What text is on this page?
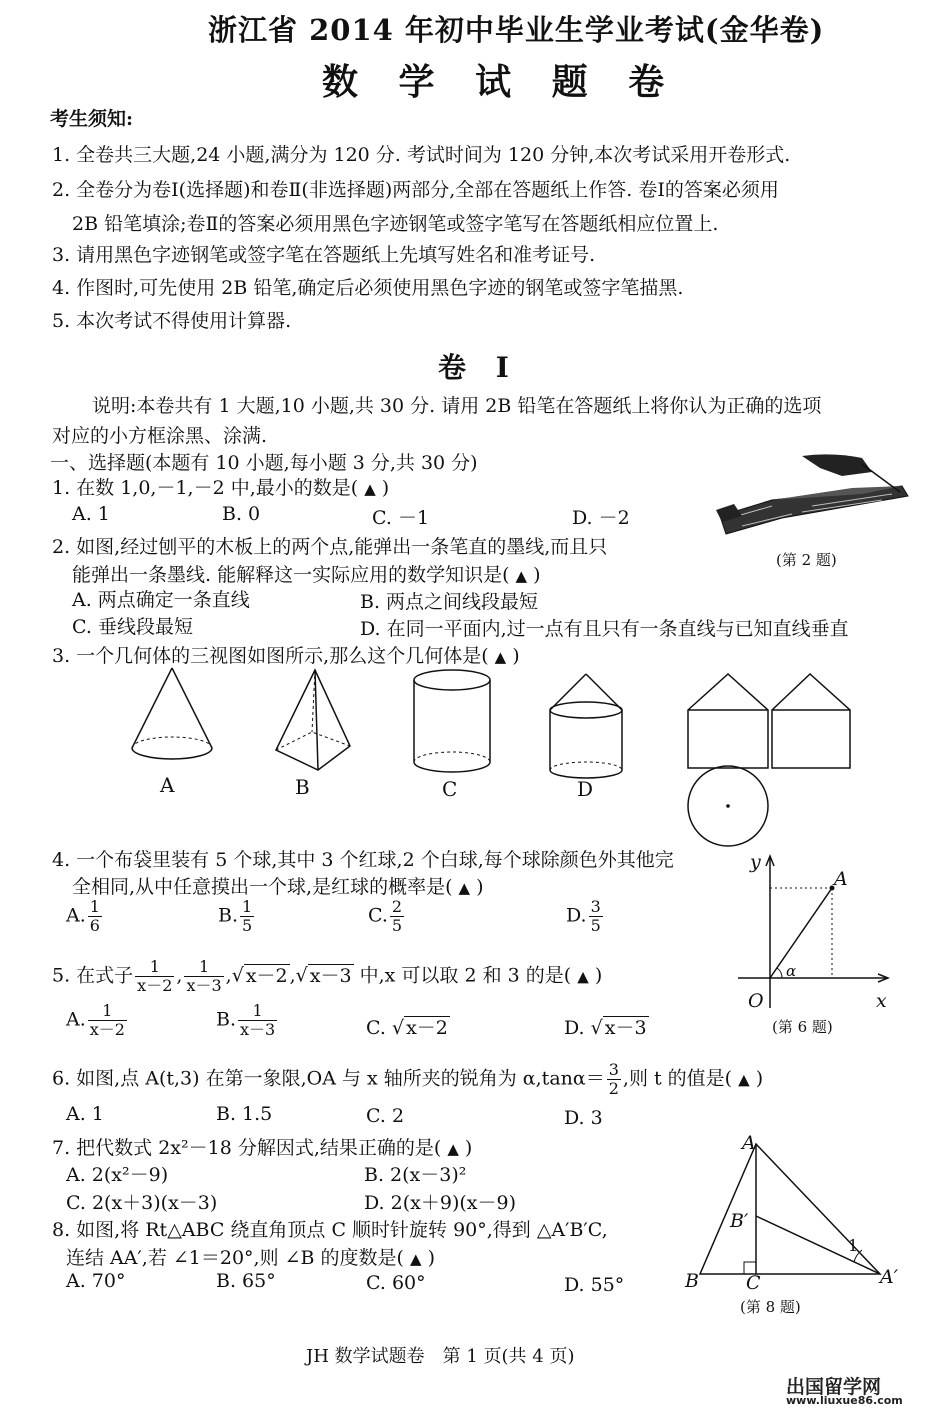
浙江省 2014 年初中毕业生学业考试(金华卷)
数 学 试 题 卷
考生须知:
1. 全卷共三大题,24 小题,满分为 120 分. 考试时间为 120 分钟,本次考试采用开卷形式.
2. 全卷分为卷Ⅰ(选择题)和卷Ⅱ(非选择题)两部分,全部在答题纸上作答. 卷Ⅰ的答案必须用
2B 铅笔填涂;卷Ⅱ的答案必须用黑色字迹钢笔或签字笔写在答题纸相应位置上.
3. 请用黑色字迹钢笔或签字笔在答题纸上先填写姓名和准考证号.
4. 作图时,可先使用 2B 铅笔,确定后必须使用黑色字迹的钢笔或签字笔描黑.
5. 本次考试不得使用计算器.
卷 Ⅰ
说明:本卷共有 1 大题,10 小题,共 30 分. 请用 2B 铅笔在答题纸上将你认为正确的选项
对应的小方框涂黑、涂满.
一、选择题(本题有 10 小题,每小题 3 分,共 30 分)
1. 在数 1,0,－1,－2 中,最小的数是( ▲ )
A. 1	B. 0	C. －1	D. －2
(第 2 题)
2. 如图,经过刨平的木板上的两个点,能弹出一条笔直的墨线,而且只
能弹出一条墨线. 能解释这一实际应用的数学知识是( ▲ )
A. 两点确定一条直线	B. 两点之间线段最短
C. 垂线段最短	D. 在同一平面内,过一点有且只有一条直线与已知直线垂直
3. 一个几何体的三视图如图所示,那么这个几何体是( ▲ )
A	B	C	D
4. 一个布袋里装有 5 个球,其中 3 个红球,2 个白球,每个球除颜色外其他完
全相同,从中任意摸出一个球,是红球的概率是( ▲ )
A. $\frac{1}{6}$	B. $\frac{1}{5}$	C. $\frac{2}{5}$	D. $\frac{3}{5}$
y
A
α
O	x
(第 6 题)
5. 在式子 $\frac{1}{x-2}$ , $\frac{1}{x-3}$ ,√ x－2 ,√ x－3 中,x 可以取 2 和 3 的是( ▲ )
A. $\frac{1}{x-2}$	B. $\frac{1}{x-3}$	C. √ x－2	D. √ x－3
6. 如图,点 A(t,3) 在第一象限,OA 与 x 轴所夹的锐角为 $\alpha,\tan\alpha= \frac{3}{2}$ ,则 t 的值是( ▲ )
A. 1	B. 1.5	C. 2	D. 3
A
B′
1
B C	A′
(第 8 题)
7. 把代数式 2x²－18 分解因式,结果正确的是( ▲ )
A. 2(x²－9)	B. 2(x－3)²
C. 2(x＋3)(x－3)	D. 2(x＋9)(x－9)
8. 如图,将 Rt△ABC 绕直角顶点 C 顺时针旋转 90°,得到 △A′B′C,
连结 AA′,若 ∠1＝20°,则 ∠B 的度数是( ▲ )
A. 70°	B. 65°	C. 60°	D. 55°
JH 数学试题卷　第 1 页(共 4 页)
出国留学网
www.liuxue86.com
